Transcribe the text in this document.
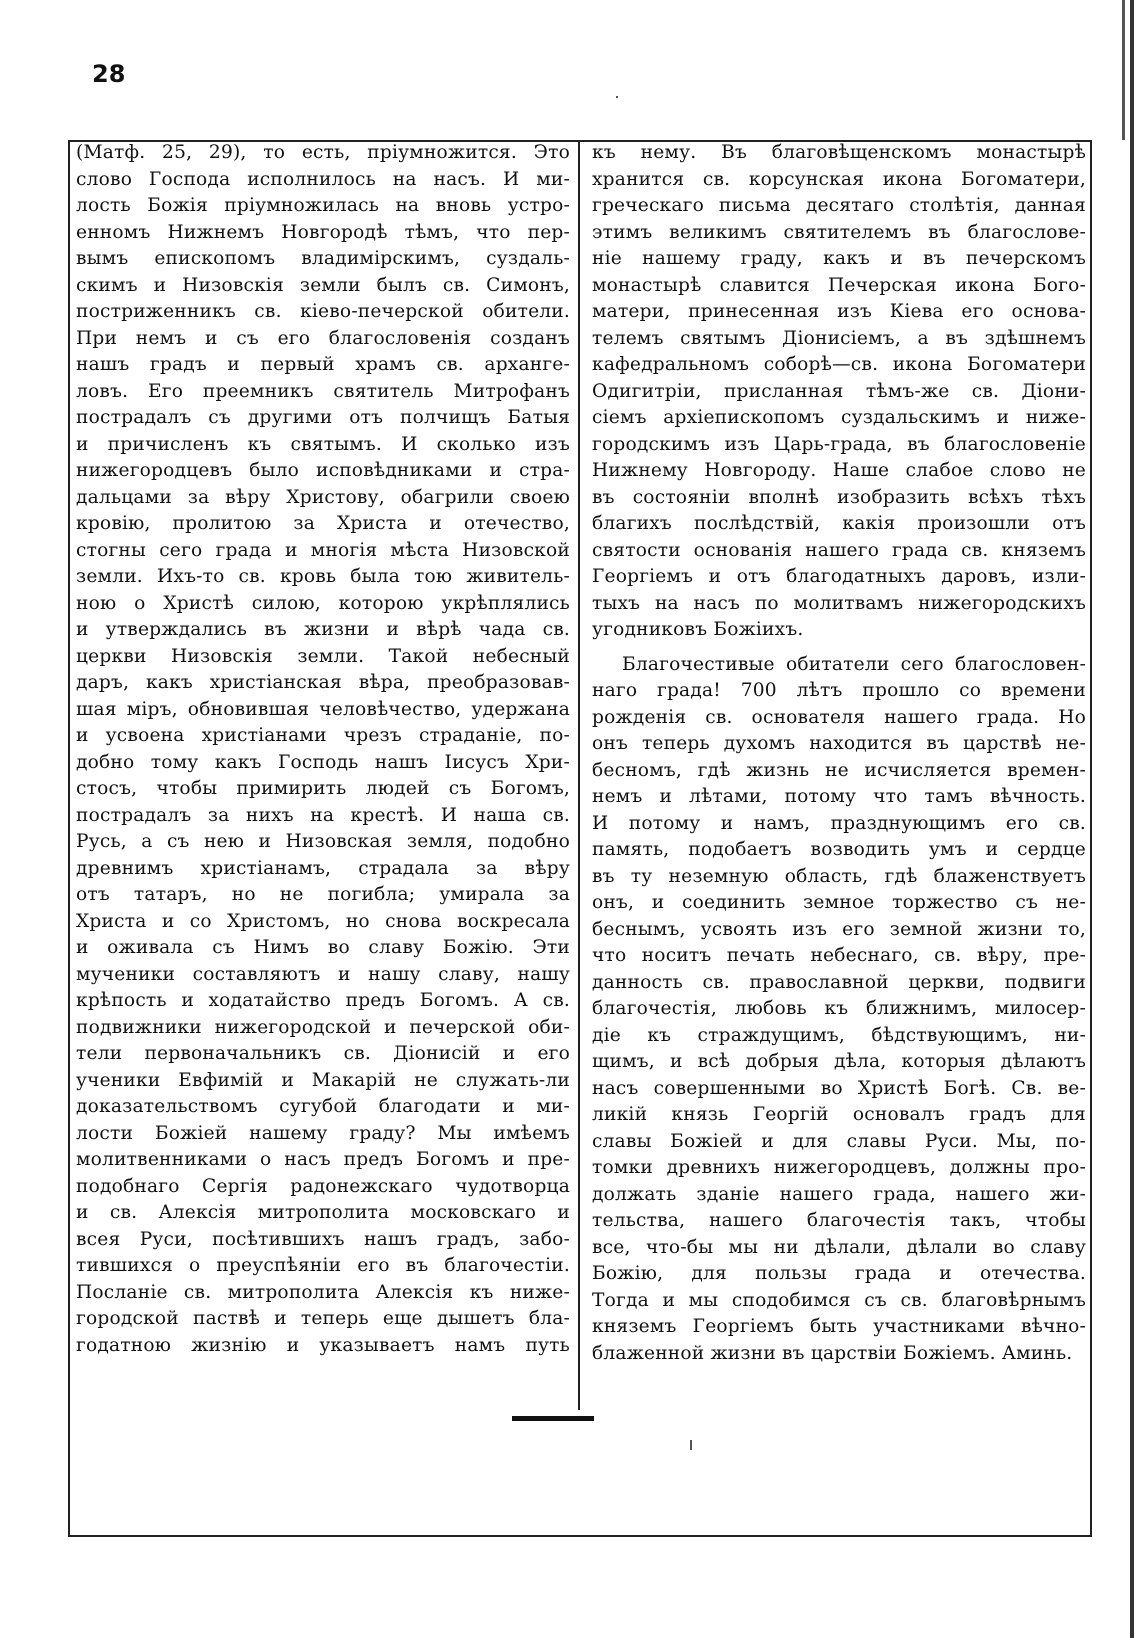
28
(Матф. 25, 29), то есть, пріумножится. Это
слово Господа исполнилось на насъ. И ми-
лость Божія пріумножилась на вновь устро-
енномъ Нижнемъ Новгородѣ тѣмъ, что пер-
вымъ епископомъ владимірскимъ, суздаль-
скимъ и Низовскія земли былъ св. Симонъ,
постриженникъ св. кіево-печерской обители.
При немъ и съ его благословенія созданъ
нашъ градъ и первый храмъ св. арханге-
ловъ. Его преемникъ святитель Митрофанъ
пострадалъ съ другими отъ полчищъ Батыя
и причисленъ къ святымъ. И сколько изъ
нижегородцевъ было исповѣдниками и стра-
дальцами за вѣру Христову, обагрили своею
кровію, пролитою за Христа и отечество,
стогны сего града и многія мѣста Низовской
земли. Ихъ-то св. кровь была тою живитель-
ною о Христѣ силою, которою укрѣплялись
и утверждались въ жизни и вѣрѣ чада св.
церкви Низовскія земли. Такой небесный
даръ, какъ христіанская вѣра, преобразовав-
шая міръ, обновившая человѣчество, удержана
и усвоена христіанами чрезъ страданіе, по-
добно тому какъ Господь нашъ Іисусъ Хри-
стосъ, чтобы примирить людей съ Богомъ,
пострадалъ за нихъ на крестѣ. И наша св.
Русь, а съ нею и Низовская земля, подобно
древнимъ христіанамъ, страдала за вѣру
отъ татаръ, но не погибла; умирала за
Христа и со Христомъ, но снова воскресала
и оживала съ Нимъ во славу Божію. Эти
мученики составляютъ и нашу славу, нашу
крѣпость и ходатайство предъ Богомъ. А св.
подвижники нижегородской и печерской оби-
тели первоначальникъ св. Діонисій и его
ученики Евфимій и Макарій не служать-ли
доказательствомъ сугубой благодати и ми-
лости Божіей нашему граду? Мы имѣемъ
молитвенниками о насъ предъ Богомъ и пре-
подобнаго Сергія радонежскаго чудотворца
и св. Алексія митрополита московскаго и
всея Руси, посѣтившихъ нашъ градъ, забо-
тившихся о преуспѣяніи его въ благочестіи.
Посланіе св. митрополита Алексія къ ниже-
городской паствѣ и теперь еще дышетъ бла-
годатною жизнію и указываетъ намъ путь
къ нему. Въ благовѣщенскомъ монастырѣ
хранится св. корсунская икона Богоматери,
греческаго письма десятаго столѣтія, данная
этимъ великимъ святителемъ въ благослове-
ніе нашему граду, какъ и въ печерскомъ
монастырѣ славится Печерская икона Бого-
матери, принесенная изъ Кіева его основа-
телемъ святымъ Діонисіемъ, а въ здѣшнемъ
кафедральномъ соборѣ—св. икона Богоматери
Одигитріи, присланная тѣмъ-же св. Діони-
сіемъ архіепископомъ суздальскимъ и ниже-
городскимъ изъ Царь-града, въ благословеніе
Нижнему Новгороду. Наше слабое слово не
въ состояніи вполнѣ изобразить всѣхъ тѣхъ
благихъ послѣдствій, какія произошли отъ
святости основанія нашего града св. княземъ
Георгіемъ и отъ благодатныхъ даровъ, изли-
тыхъ на насъ по молитвамъ нижегородскихъ
угодниковъ Божіихъ.
Благочестивые обитатели сего благословен-
наго града! 700 лѣтъ прошло со времени
рожденія св. основателя нашего града. Но
онъ теперь духомъ находится въ царствѣ не-
бесномъ, гдѣ жизнь не исчисляется времен-
немъ и лѣтами, потому что тамъ вѣчность.
И потому и намъ, празднующимъ его св.
память, подобаетъ возводить умъ и сердце
въ ту неземную область, гдѣ блаженствуетъ
онъ, и соединить земное торжество съ не-
беснымъ, усвоять изъ его земной жизни то,
что носитъ печать небеснаго, св. вѣру, пре-
данность св. православной церкви, подвиги
благочестія, любовь къ ближнимъ, милосер-
діе къ страждущимъ, бѣдствующимъ, ни-
щимъ, и всѣ добрыя дѣла, которыя дѣлаютъ
насъ совершенными во Христѣ Богѣ. Св. ве-
ликій князь Георгій основалъ градъ для
славы Божіей и для славы Руси. Мы, по-
томки древнихъ нижегородцевъ, должны про-
должать зданіе нашего града, нашего жи-
тельства, нашего благочестія такъ, чтобы
все, что-бы мы ни дѣлали, дѣлали во славу
Божію, для пользы града и отечества.
Тогда и мы сподобимся съ св. благовѣрнымъ
княземъ Георгіемъ быть участниками вѣчно-
блаженной жизни въ царствіи Божіемъ. Аминь.
